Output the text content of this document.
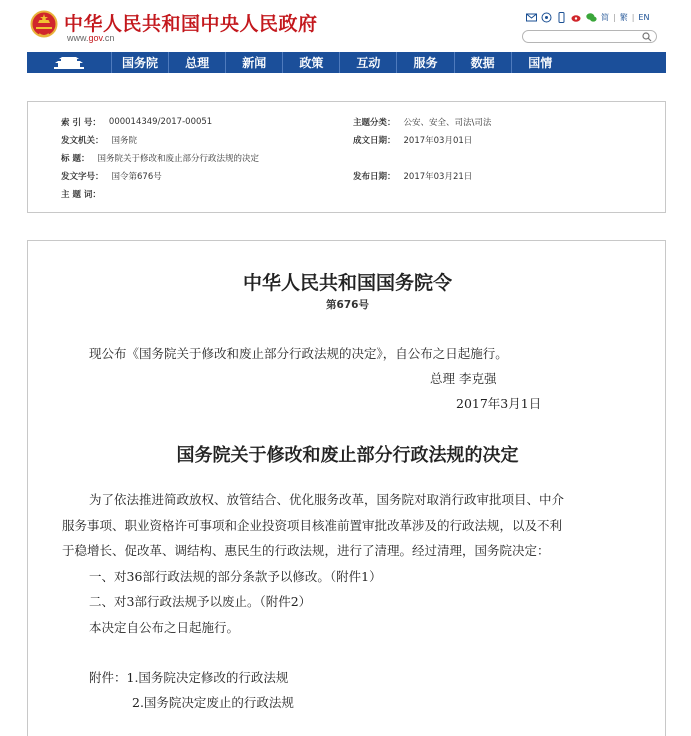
中华人民共和国中央人民政府
www.gov.cn
简 | 繁 | EN
国务院	总理	新闻	政策	互动	服务	数据	国情
索 引 号： 000014349/2017-00051	主题分类： 公安、安全、司法\司法
发文机关： 国务院	成文日期： 2017年03月01日
标 题： 国务院关于修改和废止部分行政法规的决定
发文字号： 国令第676号	发布日期： 2017年03月21日
主 题 词：
中华人民共和国国务院令
第676号
现公布《国务院关于修改和废止部分行政法规的决定》，自公布之日起施行。
总理 李克强
2017年3月1日
国务院关于修改和废止部分行政法规的决定
为了依法推进简政放权、放管结合、优化服务改革，国务院对取消行政审批项目、中介
服务事项、职业资格许可事项和企业投资项目核准前置审批改革涉及的行政法规，以及不利
于稳增长、促改革、调结构、惠民生的行政法规，进行了清理。经过清理，国务院决定：
一、对36部行政法规的部分条款予以修改。（附件1）
二、对3部行政法规予以废止。（附件2）
本决定自公布之日起施行。
附件：1.国务院决定修改的行政法规
2.国务院决定废止的行政法规
